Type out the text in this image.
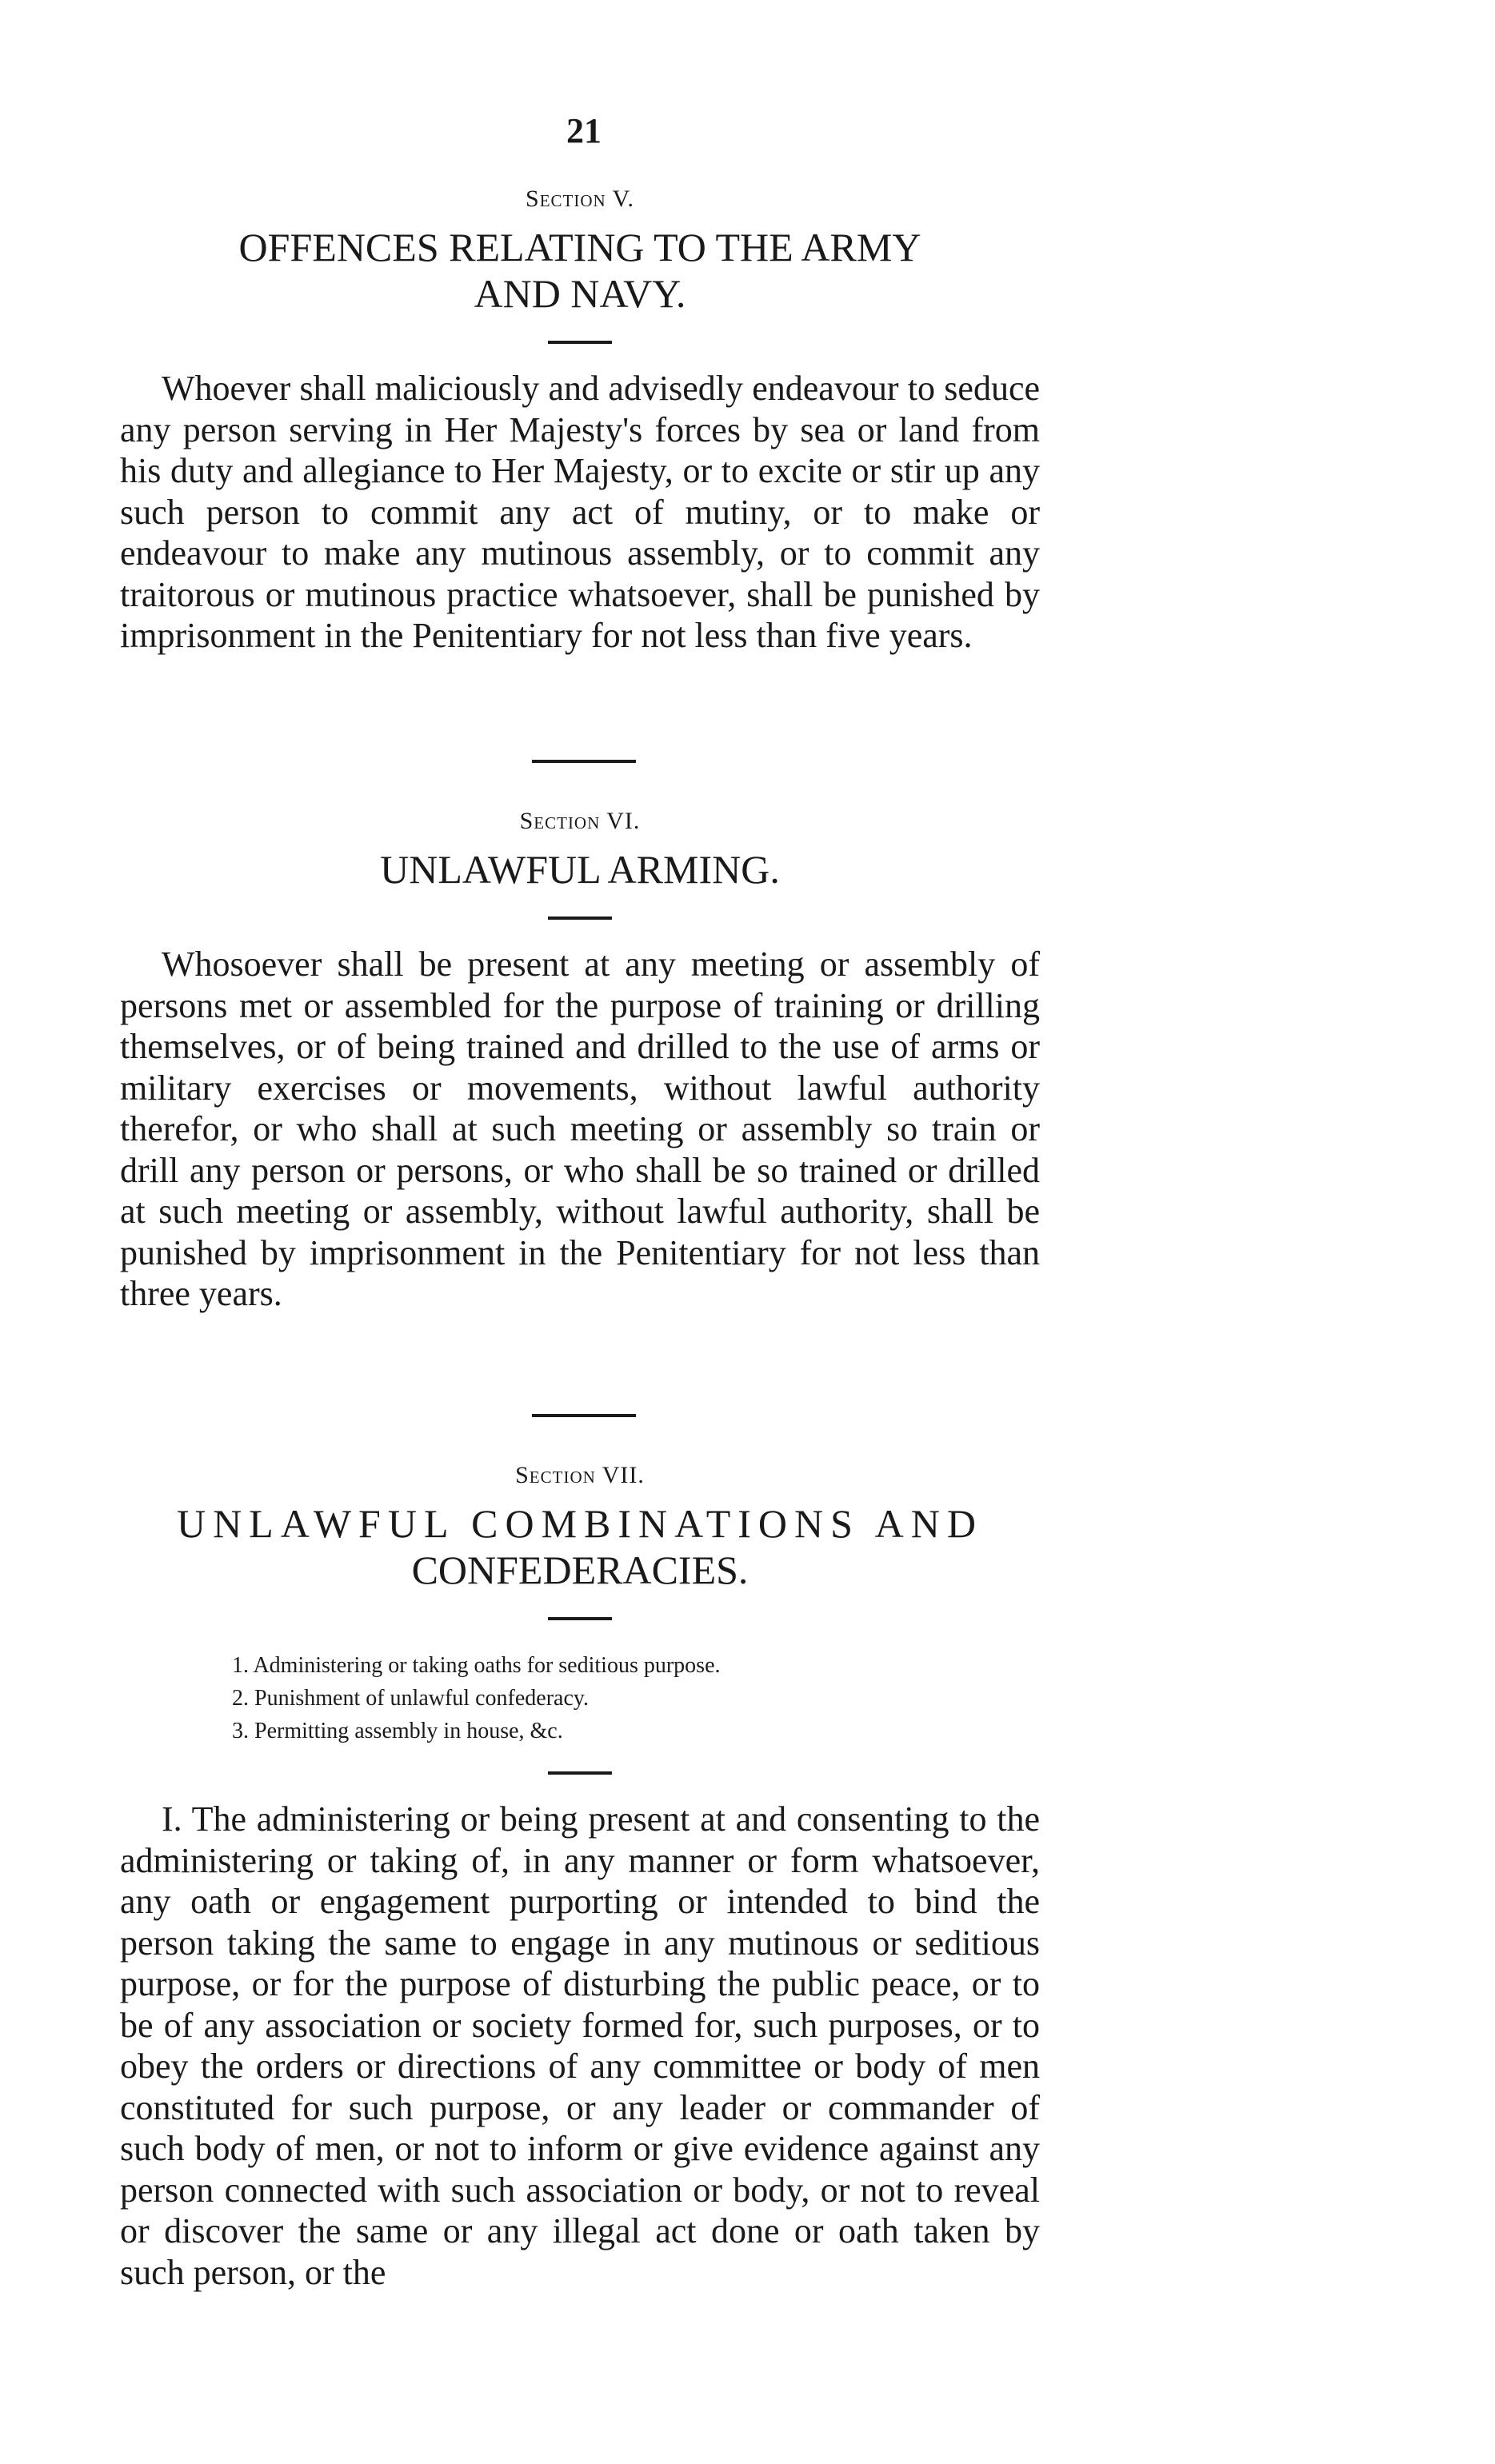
21

Section V.

OFFENCES RELATING TO THE ARMY
AND NAVY.

Whoever shall maliciously and advisedly endeavour to seduce any person serving in Her Majesty's forces by sea or land from his duty and allegiance to Her Majesty, or to excite or stir up any such person to commit any act of mutiny, or to make or endeavour to make any mutinous assembly, or to commit any traitorous or mutinous practice whatsoever, shall be punished by imprisonment in the Penitentiary for not less than five years.

Section VI.

UNLAWFUL ARMING.

Whosoever shall be present at any meeting or assembly of persons met or assembled for the purpose of training or drilling themselves, or of being trained and drilled to the use of arms or military exercises or movements, without lawful authority therefor, or who shall at such meeting or assembly so train or drill any person or persons, or who shall be so trained or drilled at such meeting or assembly, without lawful authority, shall be punished by imprisonment in the Penitentiary for not less than three years.

Section VII.

UNLAWFUL COMBINATIONS AND
CONFEDERACIES.
1. Administering or taking oaths for seditious purpose.
2. Punishment of unlawful confederacy.
3. Permitting assembly in house, &c.

I. The administering or being present at and consenting to the administering or taking of, in any manner or form whatsoever, any oath or engagement purporting or intended to bind the person taking the same to engage in any mutinous or seditious purpose, or for the purpose of disturbing the public peace, or to be of any association or society formed for, such purposes, or to obey the orders or directions of any committee or body of men constituted for such purpose, or any leader or commander of such body of men, or not to inform or give evidence against any person connected with such association or body, or not to reveal or discover the same or any illegal act done or oath taken by such person, or the
